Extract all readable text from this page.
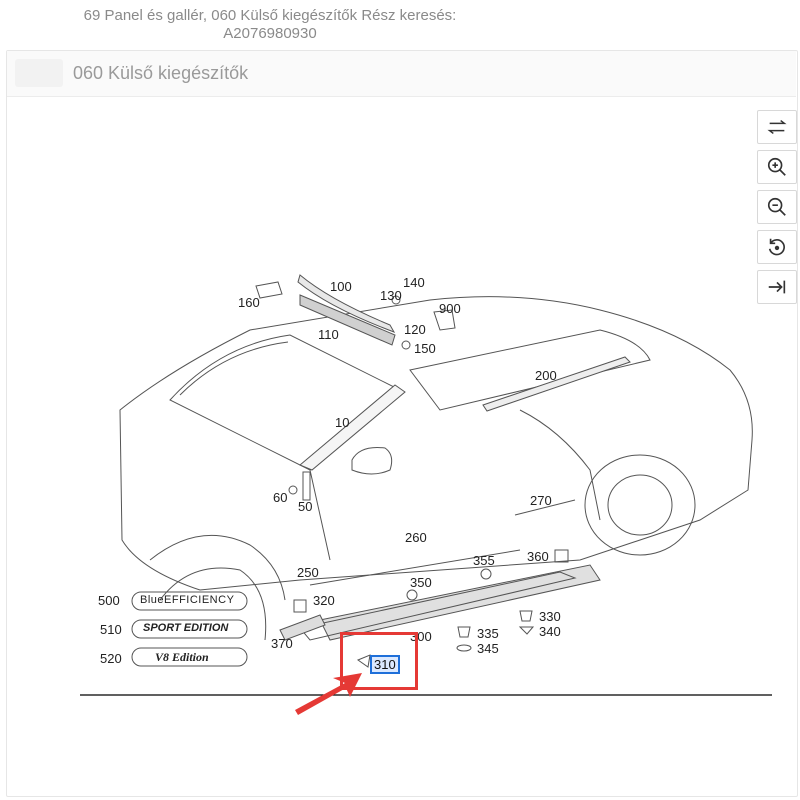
69 Panel és gallér, 060 Külső kiegészítők Rész keresés:
A2076980930
060 Külső kiegészítők
100	140
160	130
900
110	120
150
200
10
60
50	270
260
250
355 360
350
320
330
340
370	300	335
345
500
510
520
BlueEFFICIENCY
SPORT EDITION
V8 Edition	310
